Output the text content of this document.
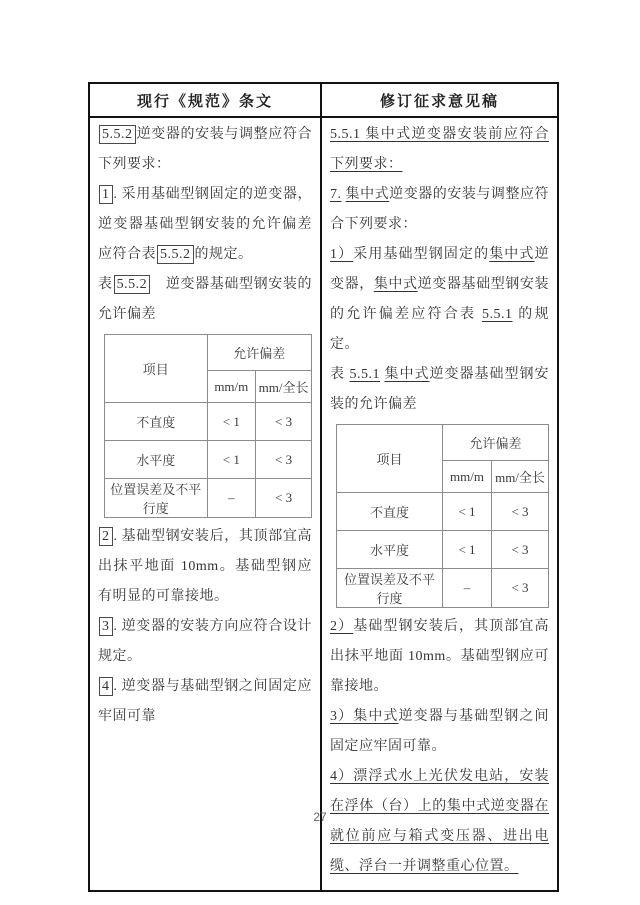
现行《规范》条文	修订征求意见稿

5.5.2 逆变器的安装与调整应符合下列要求：

1 . 采用基础型钢固定的逆变器，逆变器基础型钢安装的允许偏差应符合表 5.5.2 的规定。

表 5.5.2　逆变器基础型钢安装的允许偏差

项目	允许偏差
mm/m	mm/全长
不直度	< 1	< 3
水平度	< 1	< 3
位置误差及不平行度	–	< 3

2 . 基础型钢安装后，其顶部宜高出抹平地面 10mm。基础型钢应有明显的可靠接地。

3 . 逆变器的安装方向应符合设计规定。

4 . 逆变器与基础型钢之间固定应牢固可靠

5.5.1 集中式逆变器安装前应符合下列要求：

7. 集中式逆变器的安装与调整应符合下列要求：

1）采用基础型钢固定的集中式逆变器，集中式逆变器基础型钢安装的允许偏差应符合表 5.5.1 的规定。

表 5.5.1 集中式逆变器基础型钢安装的允许偏差

项目	允许偏差
mm/m	mm/全长
不直度	< 1	< 3
水平度	< 1	< 3
位置误差及不平行度	–	< 3

2）基础型钢安装后，其顶部宜高出抹平地面 10mm。基础型钢应可靠接地。

3）集中式逆变器与基础型钢之间固定应牢固可靠。

4）漂浮式水上光伏发电站，安装在浮体（台）上的集中式逆变器在就位前应与箱式变压器、进出电缆、浮台一并调整重心位置。

27
